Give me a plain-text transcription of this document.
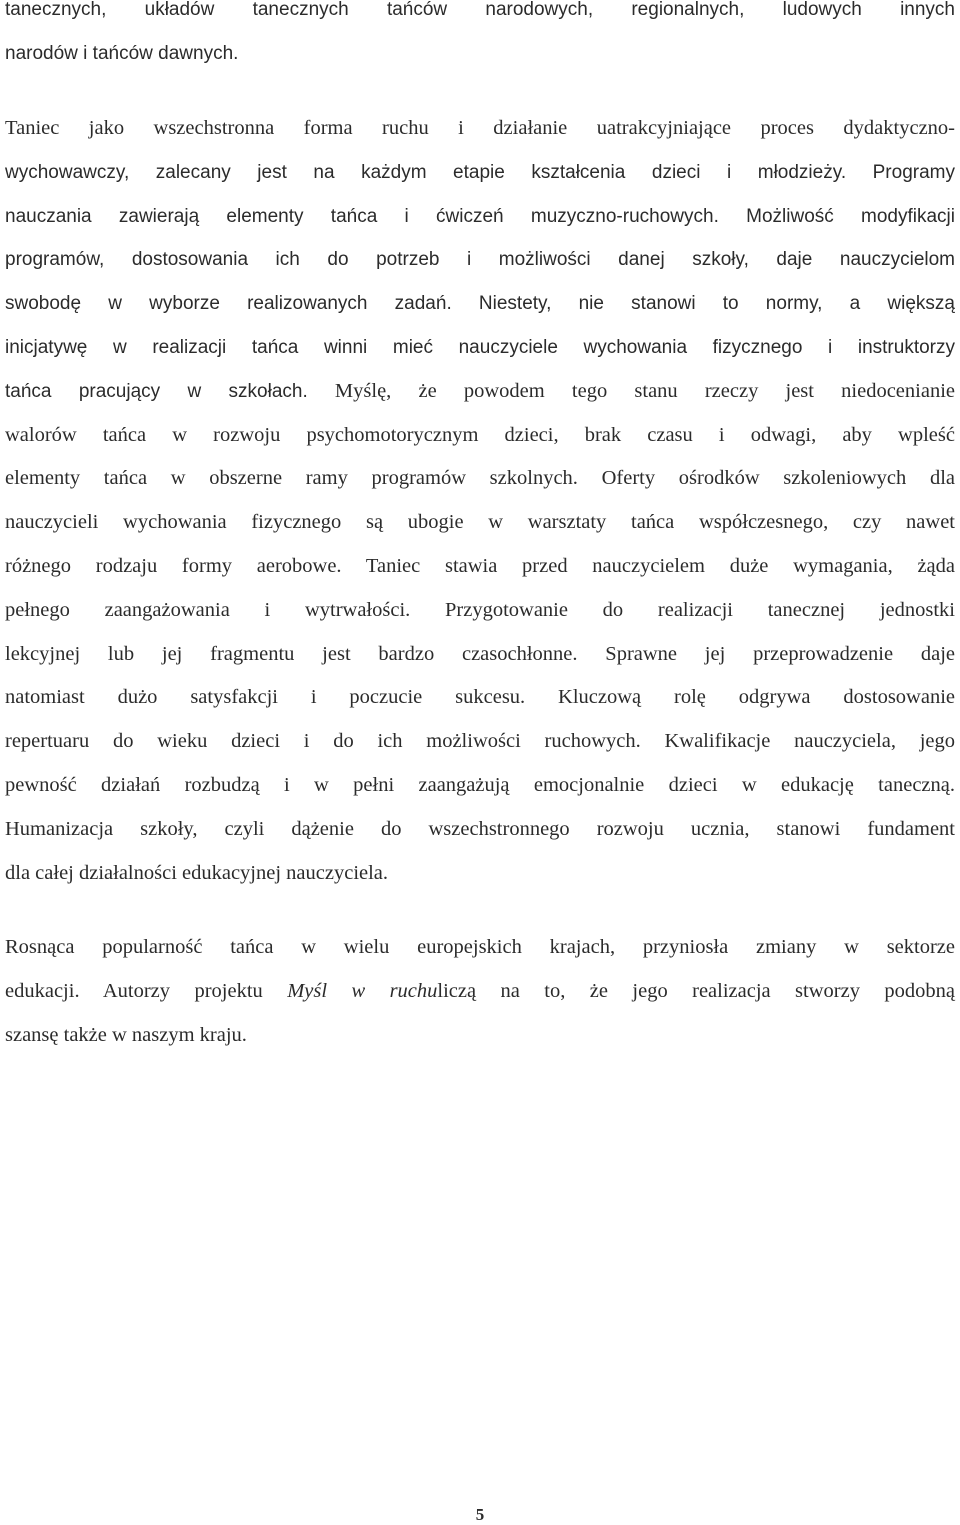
tanecznych, układów tanecznych tańców narodowych, regionalnych, ludowych innych
narodów i tańców dawnych.
Taniec jako wszechstronna forma ruchu i działanie uatrakcyjniające proces dydaktyczno-
wychowawczy, zalecany jest na każdym etapie kształcenia dzieci i młodzieży. Programy
nauczania zawierają elementy tańca i ćwiczeń muzyczno-ruchowych. Możliwość modyfikacji
programów, dostosowania ich do potrzeb i możliwości danej szkoły, daje nauczycielom
swobodę w wyborze realizowanych zadań. Niestety, nie stanowi to normy, a większą
inicjatywę w realizacji tańca winni mieć nauczyciele wychowania fizycznego i instruktorzy
tańca pracujący w szkołach. Myślę, że powodem tego stanu rzeczy jest niedocenianie
walorów tańca w rozwoju psychomotorycznym dzieci, brak czasu i odwagi, aby wpleść
elementy tańca w obszerne ramy programów szkolnych. Oferty ośrodków szkoleniowych dla
nauczycieli wychowania fizycznego są ubogie w warsztaty tańca współczesnego, czy nawet
różnego rodzaju formy aerobowe. Taniec stawia przed nauczycielem duże wymagania, żąda
pełnego zaangażowania i wytrwałości. Przygotowanie do realizacji tanecznej jednostki
lekcyjnej lub jej fragmentu jest bardzo czasochłonne. Sprawne jej przeprowadzenie daje
natomiast dużo satysfakcji i poczucie sukcesu. Kluczową rolę odgrywa dostosowanie
repertuaru do wieku dzieci i do ich możliwości ruchowych. Kwalifikacje nauczyciela, jego
pewność działań rozbudzą i w pełni zaangażują emocjonalnie dzieci w edukację taneczną.
Humanizacja szkoły, czyli dążenie do wszechstronnego rozwoju ucznia, stanowi fundament
dla całej działalności edukacyjnej nauczyciela.
Rosnąca popularność tańca w wielu europejskich krajach, przyniosła zmiany w sektorze
edukacji. Autorzy projektu Myśl w ruchuliczą na to, że jego realizacja stworzy podobną
szansę także w naszym kraju.
5
